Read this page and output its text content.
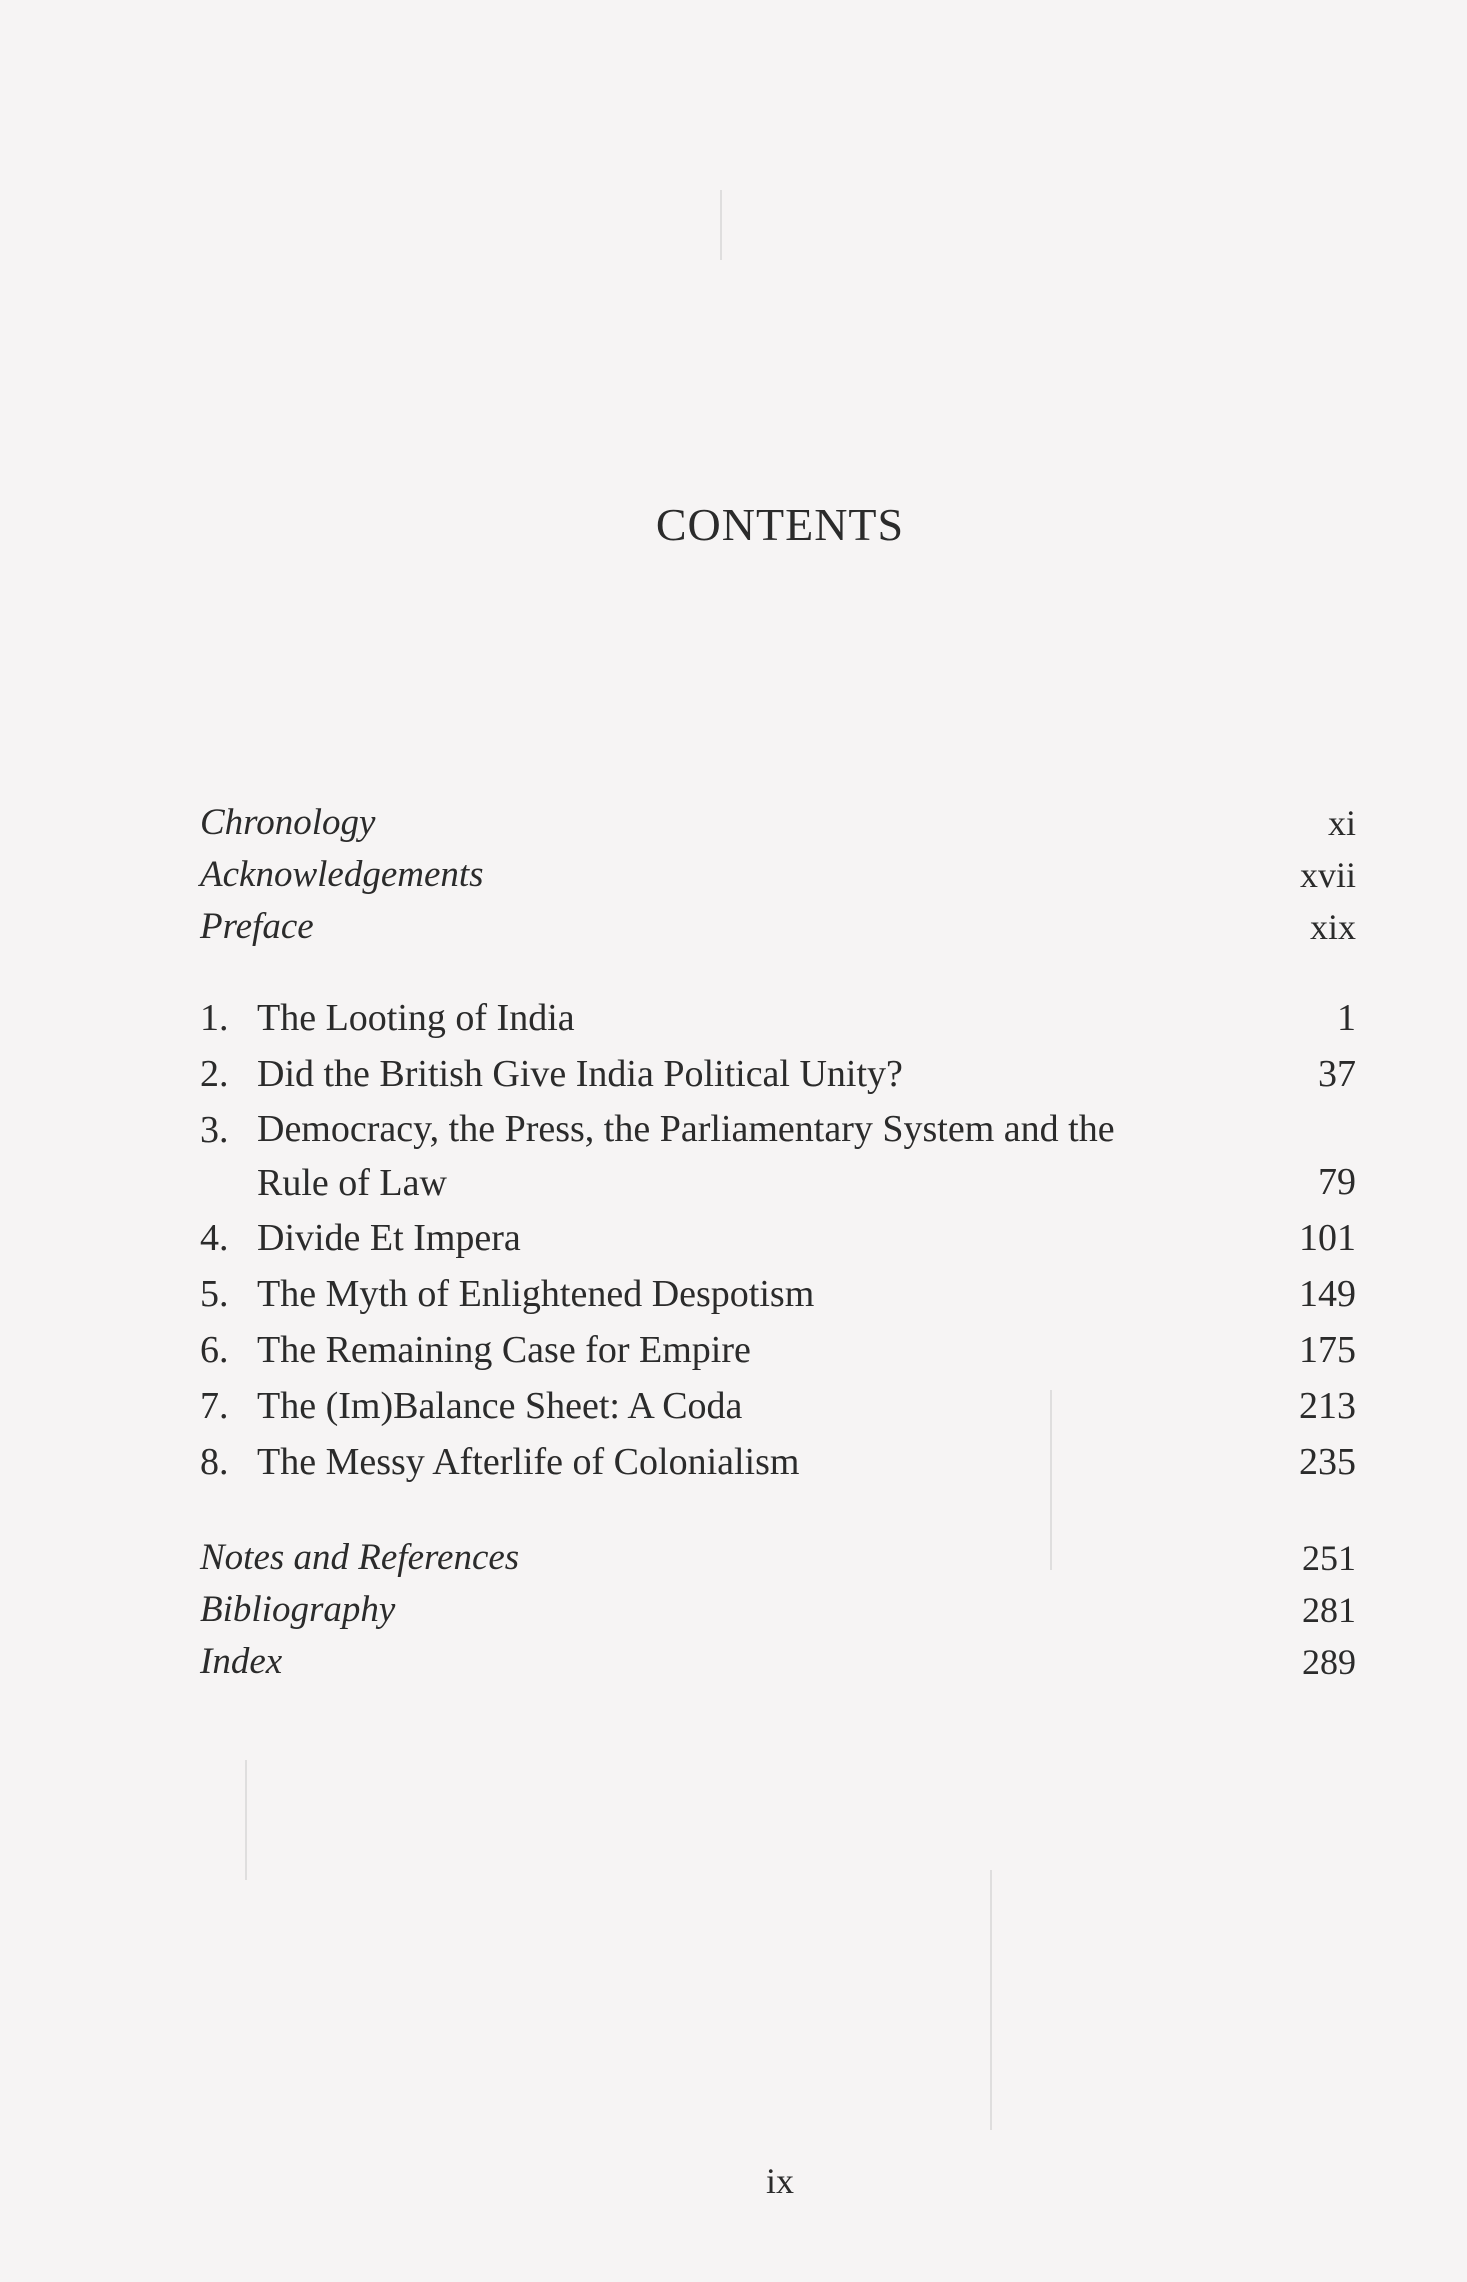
CONTENTS
Chronology	xi
Acknowledgements	xvii
Preface	xix
1. The Looting of India	1
2. Did the British Give India Political Unity?	37
3. Democracy, the Press, the Parliamentary System and the
Rule of Law	79
4. Divide Et Impera	101
5. The Myth of Enlightened Despotism	149
6. The Remaining Case for Empire	175
7. The (Im)Balance Sheet: A Coda	213
8. The Messy Afterlife of Colonialism	235
Notes and References	251
Bibliography	281
Index	289
ix
